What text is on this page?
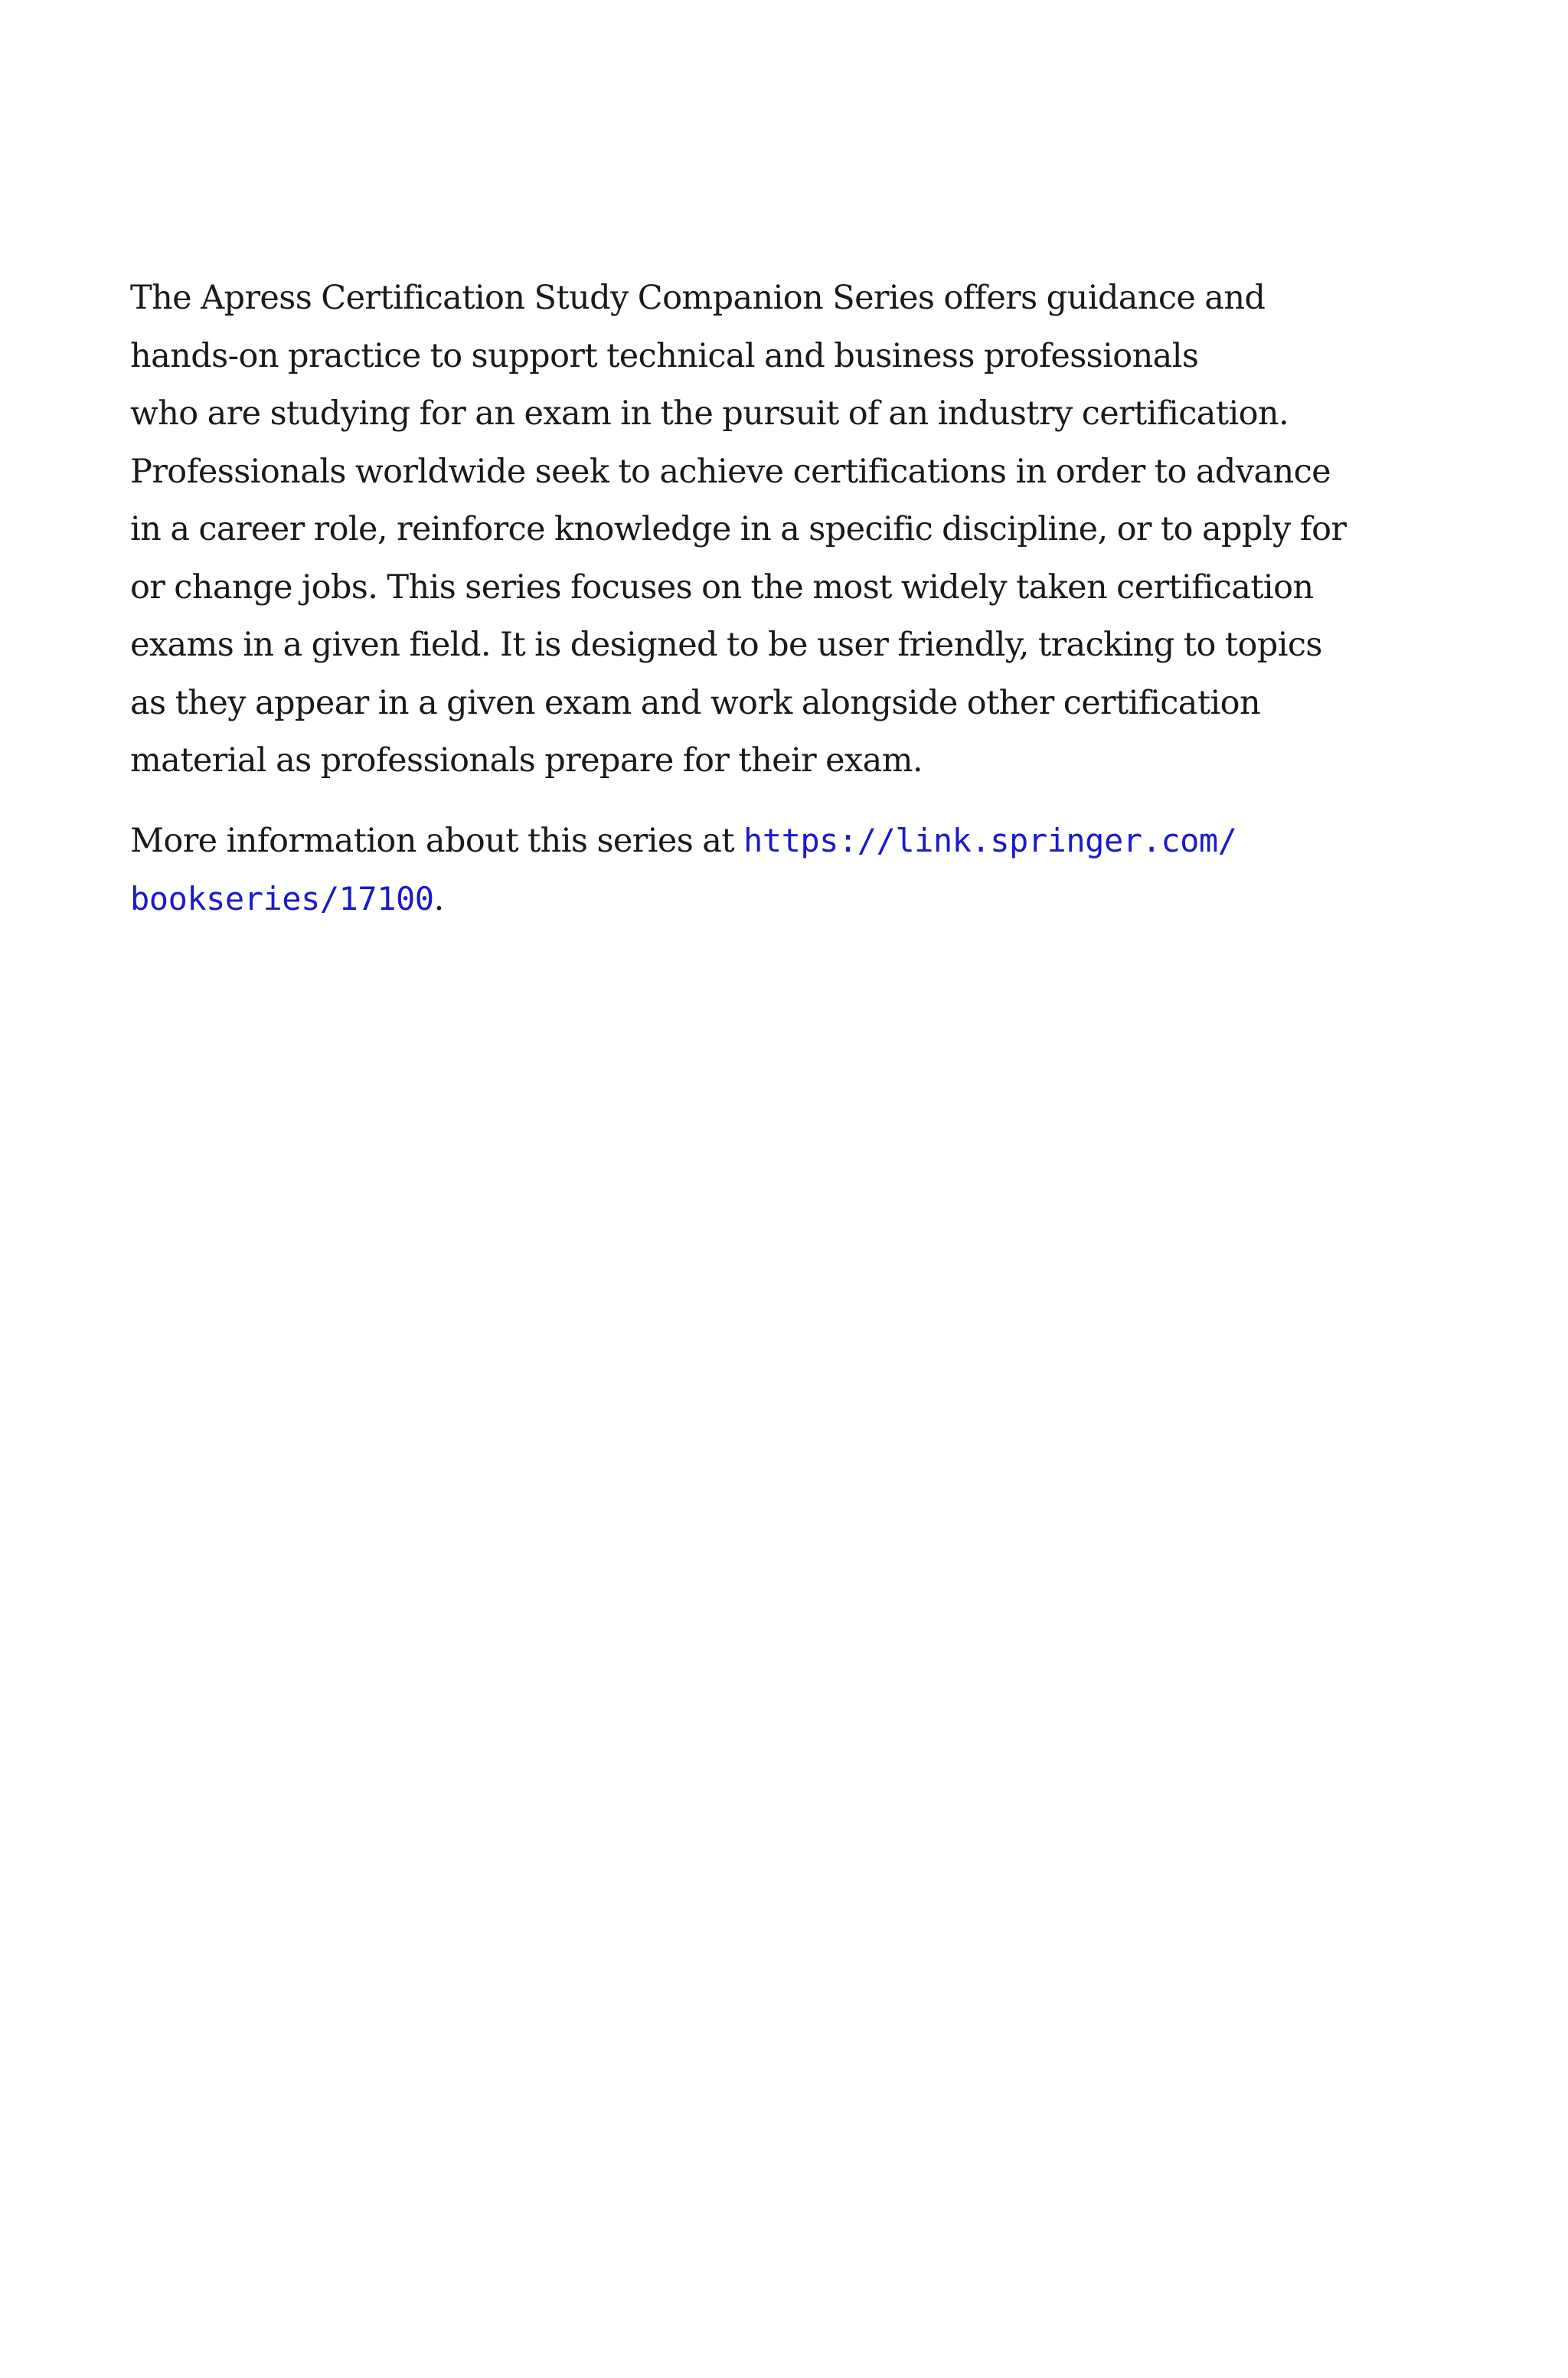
The Apress Certification Study Companion Series offers guidance and
hands-on practice to support technical and business professionals
who are studying for an exam in the pursuit of an industry certification.
Professionals worldwide seek to achieve certifications in order to advance
in a career role, reinforce knowledge in a specific discipline, or to apply for
or change jobs. This series focuses on the most widely taken certification
exams in a given field. It is designed to be user friendly, tracking to topics
as they appear in a given exam and work alongside other certification
material as professionals prepare for their exam.
More information about this series at https://link.springer.com/
bookseries/17100.
